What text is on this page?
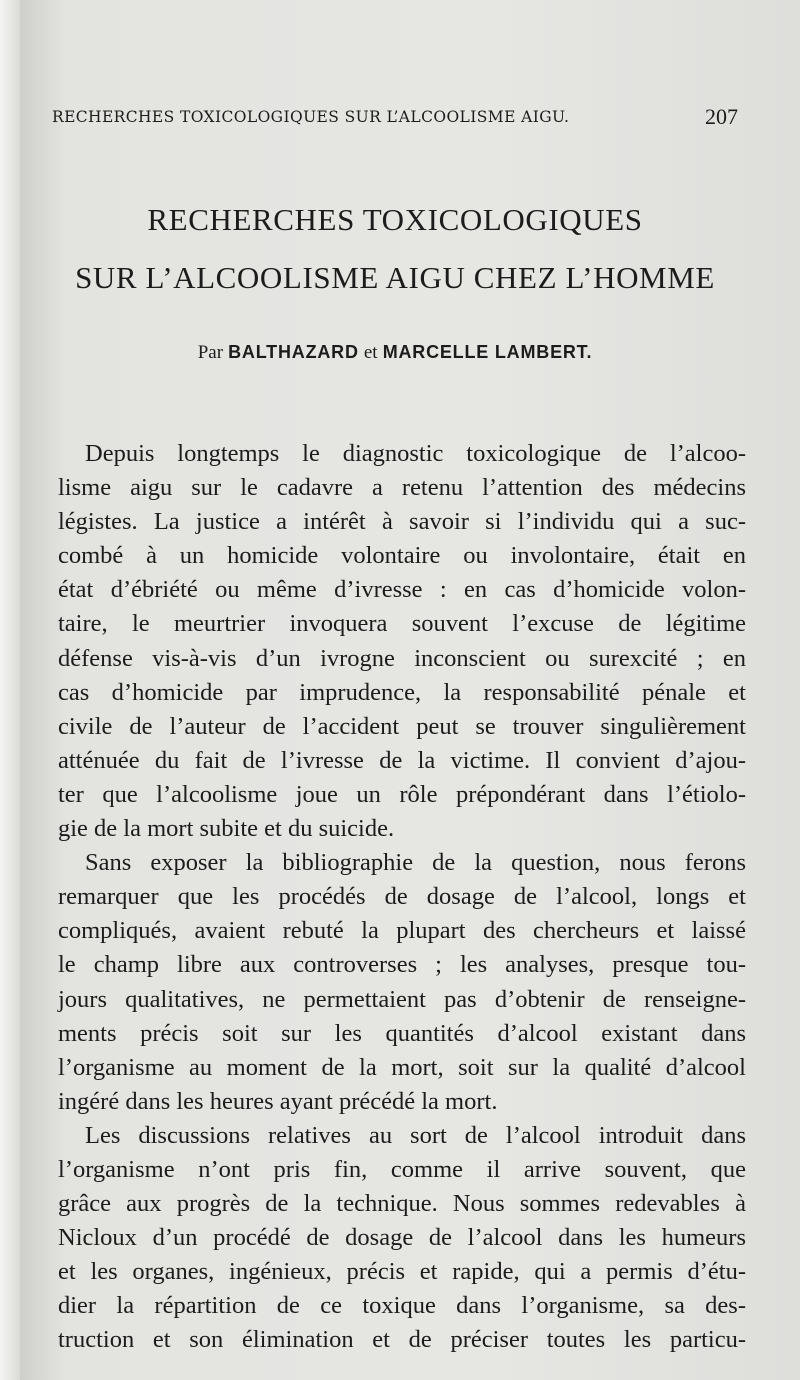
RECHERCHES TOXICOLOGIQUES SUR L’ALCOOLISME AIGU.	207
RECHERCHES TOXICOLOGIQUES
SUR L’ALCOOLISME AIGU CHEZ L’HOMME
Par BALTHAZARD et MARCELLE LAMBERT.
Depuis longtemps le diagnostic toxicologique de l’alcoo-
lisme aigu sur le cadavre a retenu l’attention des médecins
légistes. La justice a intérêt à savoir si l’individu qui a suc-
combé à un homicide volontaire ou involontaire, était en
état d’ébriété ou même d’ivresse : en cas d’homicide volon-
taire, le meurtrier invoquera souvent l’excuse de légitime
défense vis-à-vis d’un ivrogne inconscient ou surexcité ; en
cas d’homicide par imprudence, la responsabilité pénale et
civile de l’auteur de l’accident peut se trouver singulièrement
atténuée du fait de l’ivresse de la victime. Il convient d’ajou-
ter que l’alcoolisme joue un rôle prépondérant dans l’étiolo-
gie de la mort subite et du suicide.
Sans exposer la bibliographie de la question, nous ferons
remarquer que les procédés de dosage de l’alcool, longs et
compliqués, avaient rebuté la plupart des chercheurs et laissé
le champ libre aux controverses ; les analyses, presque tou-
jours qualitatives, ne permettaient pas d’obtenir de renseigne-
ments précis soit sur les quantités d’alcool existant dans
l’organisme au moment de la mort, soit sur la qualité d’alcool
ingéré dans les heures ayant précédé la mort.
Les discussions relatives au sort de l’alcool introduit dans
l’organisme n’ont pris fin, comme il arrive souvent, que
grâce aux progrès de la technique. Nous sommes redevables à
Nicloux d’un procédé de dosage de l’alcool dans les humeurs
et les organes, ingénieux, précis et rapide, qui a permis d’étu-
dier la répartition de ce toxique dans l’organisme, sa des-
truction et son élimination et de préciser toutes les particu-
